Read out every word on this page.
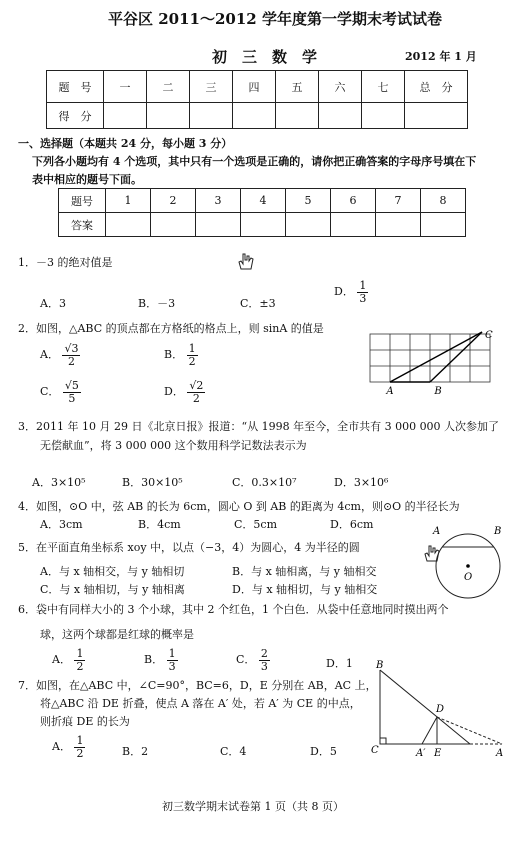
平谷区 2011～2012 学年度第一学期末考试试卷
初　三　数　学	2012 年 1 月
题　号	一	二	三	四	五	六	七	总　分
得　分								
一、选择题（本题共 24 分，每小题 3 分）
下列各小题均有 4 个选项，其中只有一个选项是正确的，请你把正确答案的字母序号填在下
表中相应的题号下面。
题号	1	2	3	4	5	6	7	8
答案								
1．－3 的绝对值是
A．3	B．－3	C．±3
D． $\frac{1}{3}$
2．如图，△ABC 的顶点都在方格纸的格点上，则 sinA 的值是
A． $\frac{√3}{2}$	B． $\frac{1}{2}$
C． $\frac{√5}{5}$	D． $\frac{√2}{2}$	A	B
C
3．2011 年 10 月 29 日《北京日报》报道：“从 1998 年至今，全市共有 3 000 000 人次参加了
无偿献血”，将 3 000 000 这个数用科学记数法表示为
A．3×10⁵	B．30×10⁵	C．0.3×10⁷	D．3×10⁶
4．如图，⊙O 中，弦 AB 的长为 6cm，圆心 O 到 AB 的距离为 4cm，则⊙O 的半径长为
A．3cm	B．4cm	C．5cm	D．6cm
A	B
O
5．在平面直角坐标系 xoy 中，以点（−3，4）为圆心，4 为半径的圆
A．与 x 轴相交，与 y 轴相切	B．与 x 轴相离，与 y 轴相交
C．与 x 轴相切，与 y 轴相离	D．与 x 轴相切，与 y 轴相交
6．袋中有同样大小的 3 个小球，其中 2 个红色，1 个白色．从袋中任意地同时摸出两个
球，这两个球都是红球的概率是
A． $\frac{1}{2}$	B． $\frac{1}{3}$	C． $\frac{2}{3}$	D．1
7．如图，在△ABC 中，∠C=90°，BC=6，D，E 分别在 AB，AC 上，
将△ABC 沿 DE 折叠，使点 A 落在 A′ 处，若 A′ 为 CE 的中点，
则折痕 DE 的长为
A． $\frac{1}{2}$	B．2	C．4	D．5
B
C	A′ E	A
D
初三数学期末试卷第 1 页（共 8 页）
